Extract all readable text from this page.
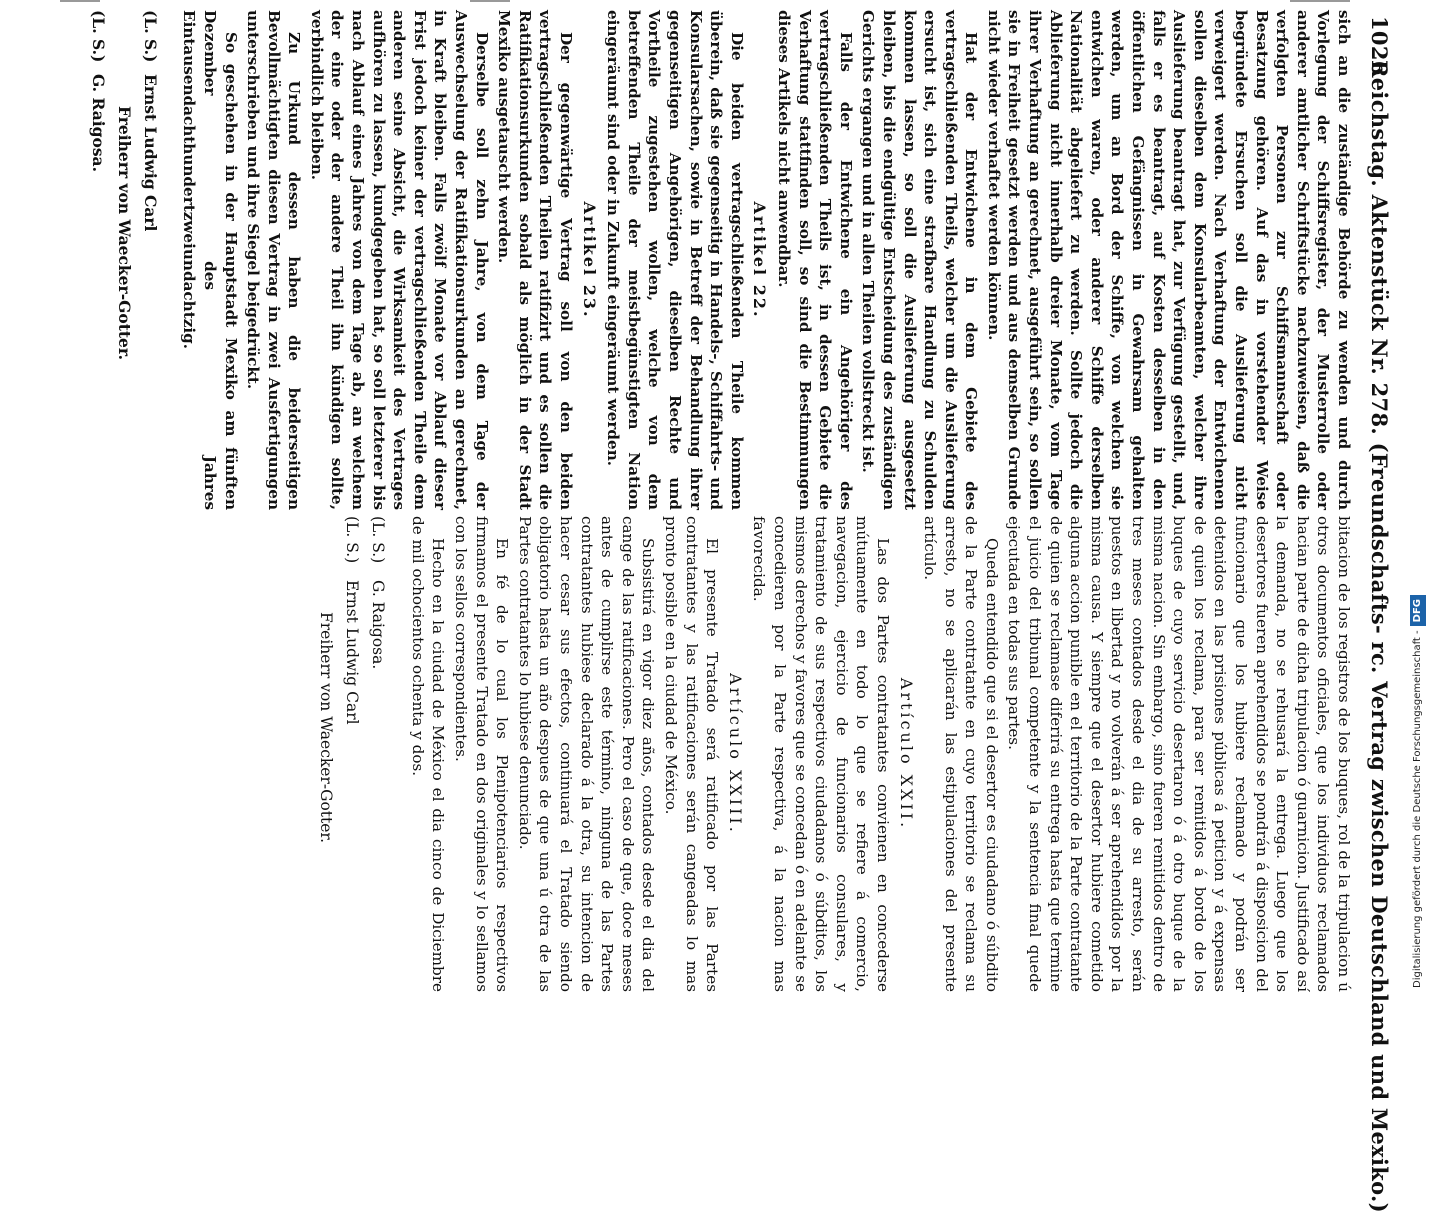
Digitalisierung gefördert durch die Deutsche Forschungsgemeinschaft -DFG
1026
Reichstag. Aktenstück Nr. 278. (Freundschafts- rc. Vertrag zwischen Deutschland und Mexiko.)

sich an die zuständige Behörde zu wenden und durch Vorlegung der Schiffsregister, der Musterrolle oder anderer amtlicher Schriftstücke nachzuweisen, daß die verfolgten Personen zur Schiffsmannschaft oder Besatzung gehören. Auf das in vorstehender Weise begründete Ersuchen soll die Auslieferung nicht verweigert werden. Nach Verhaftung der Entwichenen sollen dieselben dem Konsularbeamten, welcher ihre Auslieferung beantragt hat, zur Verfügung gestellt, und, falls er es beantragt, auf Kosten desselben in den öffentlichen Gefängnissen in Gewahrsam gehalten werden, um an Bord der Schiffe, von welchen sie entwichen waren, oder anderer Schiffe derselben Nationalität abgeliefert zu werden. Sollte jedoch die Ablieferung nicht innerhalb dreier Monate, vom Tage ihrer Verhaftung an gerechnet, ausgeführt sein, so sollen sie in Freiheit gesetzt werden und aus demselben Grunde nicht wieder verhaftet werden können.

Hat der Entwichene in dem Gebiete des vertragschließenden Theils, welcher um die Auslieferung ersucht ist, sich eine strafbare Handlung zu Schulden kommen lassen, so soll die Auslieferung ausgesetzt bleiben, bis die endgültige Entscheidung des zuständigen Gerichts ergangen und in allen Theilen vollstreckt ist.

Falls der Entwichene ein Angehöriger des vertragschließenden Theils ist, in dessen Gebiete die Verhaftung stattfinden soll, so sind die Bestimmungen dieses Artikels nicht anwendbar.

Artikel 22.

Die beiden vertragschließenden Theile kommen überein, daß sie gegenseitig in Handels-, Schiffahrts- und Konsularsachen, sowie in Betreff der Behandlung ihrer gegenseitigen Angehörigen, dieselben Rechte und Vortheile zugestehen wollen, welche von dem betreffenden Theile der meistbegünstigten Nation eingeräumt sind oder in Zukunft eingeräumt werden.

Artikel 23.

Der gegenwärtige Vertrag soll von den beiden vertragschließenden Theilen ratifizirt und es sollen die Ratifikationsurkunden sobald als möglich in der Stadt Mexiko ausgetauscht werden.

Derselbe soll zehn Jahre, von dem Tage der Auswechselung der Ratifikationsurkunden an gerechnet, in Kraft bleiben. Falls zwölf Monate vor Ablauf dieser Frist jedoch keiner der vertragschließenden Theile dem anderen seine Absicht, die Wirksamkeit des Vertrages aufhören zu lassen, kundgegeben hat, so soll letzterer bis nach Ablauf eines Jahres von dem Tage ab, an welchem der eine oder der andere Theil ihn kündigen sollte, verbindlich bleiben.

Zu Urkund dessen haben die beiderseitigen Bevollmächtigten diesen Vertrag in zwei Ausfertigungen unterschrieben und ihre Siegel beigedrückt.

So geschehen in der Hauptstadt Mexiko am fünften Dezember des Jahres Eintausendachthundertzweiundachtzig.

(L. S.)Ernst Ludwig Carl
Freiherr von Waecker-Gotter.
(L. S.)G. Raigosa.

bitacion de los registros de los buques, rol de la tripulacion ú otros documentos oficiales, que los individuos reclamados hacian parte de dicha tripulacion ó guarnicion. Justificado así la demanda, no se rehusará la entrega. Luego que los desertores fueren aprehendidos se pondrán á disposicion del funcionario que los hubiere reclamado y podrán ser detenidos en las prisiones públicas á peticion y á expensas de quien los reclama, para ser remitidos á bordo de los buques de cuyo servicio desertaron ó á otro buque de la misma nacion. Sin embargo, sino fueren remitidos dentro de tres meses contados desde el dia de su arresto, serán puestos en libertad y no volverán á ser aprehendidos por la misma causa. Y siempre que el desertor hubiere cometido alguna accion punible en el territorio de la Parte contratante de quien se reclamase diferirá su entrega hasta que termine el juicio del tribunal competente y la sentencia final quede ejecutada en todas sus partes.

Queda entendido que si el desertor es ciudadano ó súbdito de la Parte contratante en cuyo territorio se reclama su arresto, no se aplicarán las estipulaciones del presente artículo.

Artículo XXII.

Las dos Partes contratantes convienen en concederse mútuamente en todo lo que se refiere á comercio, navegacion, ejercicio de funcionarios consulares, y tratamiento de sus respectivos ciudadanos ó súbditos, los mismos derechos y favores que se concedan ó en adelante se concedieren por la Parte respectiva, á la nacion mas favorecida.

Artículo XXIII.

El presente Tratado será ratificado por las Partes contratantes y las ratificaciones serán cangeadas lo mas pronto posible en la ciudad de México.

Subsistirá en vigor diez años, contados desde el dia del cange de las ratificaciones. Pero el caso de que, doce meses antes de cumplirse este término, ninguna de las Partes contratantes hubiese declarado á la otra, su intencion de hacer cesar sus efectos, continuará el Tratado siendo obligatorio hasta un año despues de que una ú otra de las Partes contratantes lo hubiese denunciado.

En fé de lo cual los Plenipotenciarios respectivos firmamos el presente Tratado en dos originales y lo sellamos con los sellos correspondientes.

Hecho en la ciudad de México el dia cinco de Diciembre de mil ochocientos ochenta y dos.

(L. S.)G. Raigosa.
(L. S.)Ernst Ludwig Carl
Freiherr von Waecker-Gotter.
